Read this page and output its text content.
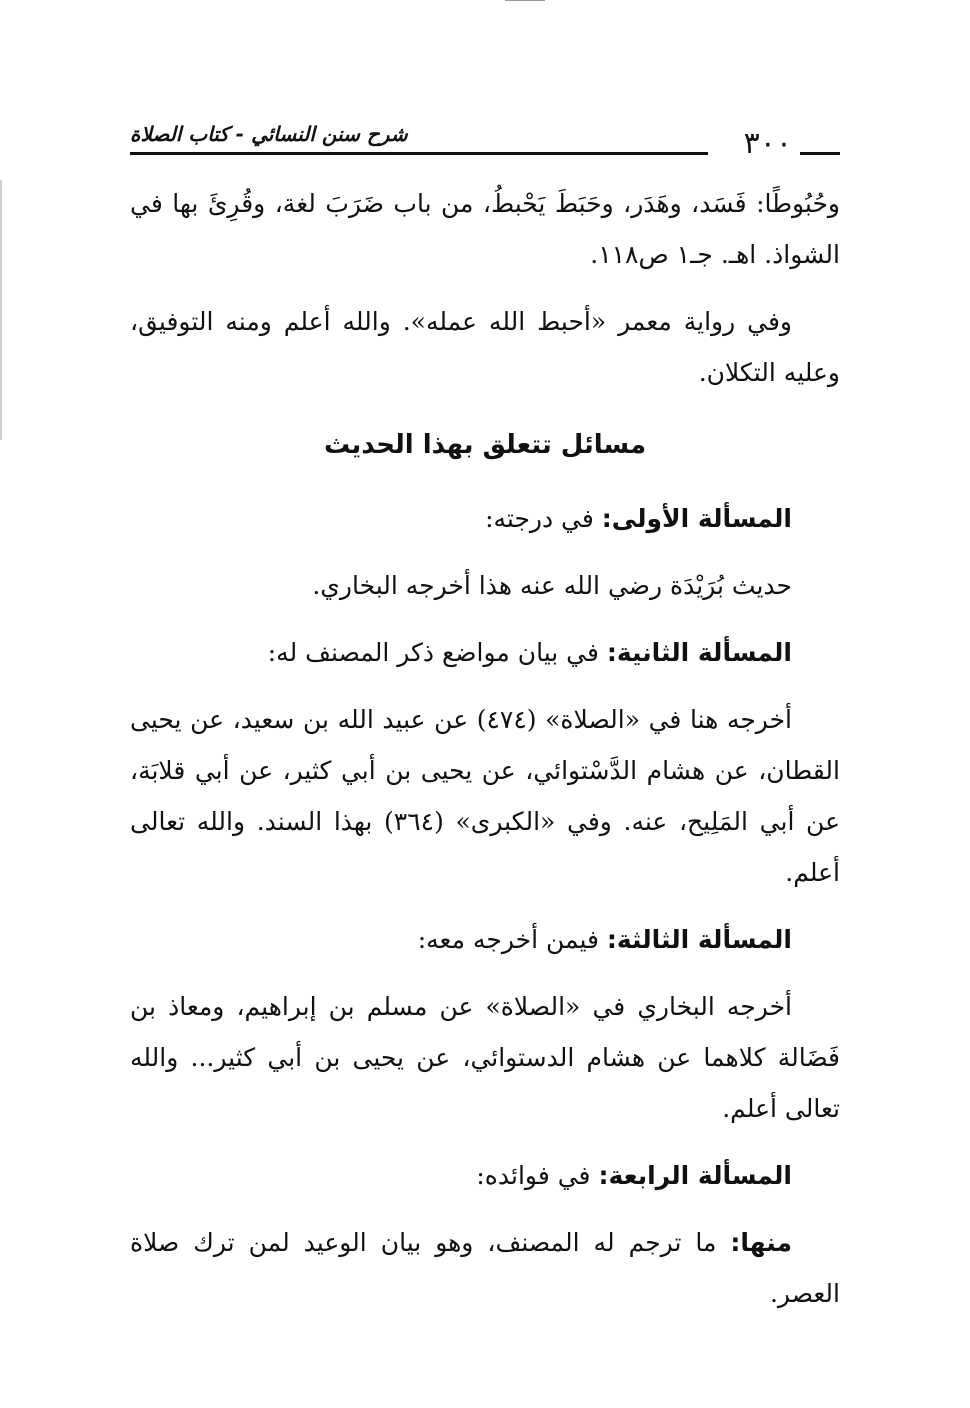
٣٠٠
شرح سنن النسائي - كتاب الصلاة

وحُبُوطًا: فَسَد، وهَدَر، وحَبَطَ يَحْبطُ، من باب ضَرَبَ لغة، وقُرِئَ بها في الشواذ. اهـ. جـ١ ص١١٨.

وفي رواية معمر «أحبط الله عمله». والله أعلم ومنه التوفيق، وعليه التكلان.

مسائل تتعلق بهذا الحديث

المسألة الأولى: في درجته:

حديث بُرَيْدَة رضي الله عنه هذا أخرجه البخاري.

المسألة الثانية: في بيان مواضع ذكر المصنف له:

أخرجه هنا في «الصلاة» (٤٧٤) عن عبيد الله بن سعيد، عن يحيى القطان، عن هشام الدَّسْتوائي، عن يحيى بن أبي كثير، عن أبي قلابَة، عن أبي المَلِيح، عنه. وفي «الكبرى» (٣٦٤) بهذا السند. والله تعالى أعلم.

المسألة الثالثة: فيمن أخرجه معه:

أخرجه البخاري في «الصلاة» عن مسلم بن إبراهيم، ومعاذ بن فَضَالة كلاهما عن هشام الدستوائي، عن يحيى بن أبي كثير... والله تعالى أعلم.

المسألة الرابعة: في فوائده:

منها: ما ترجم له المصنف، وهو بيان الوعيد لمن ترك صلاة العصر.
